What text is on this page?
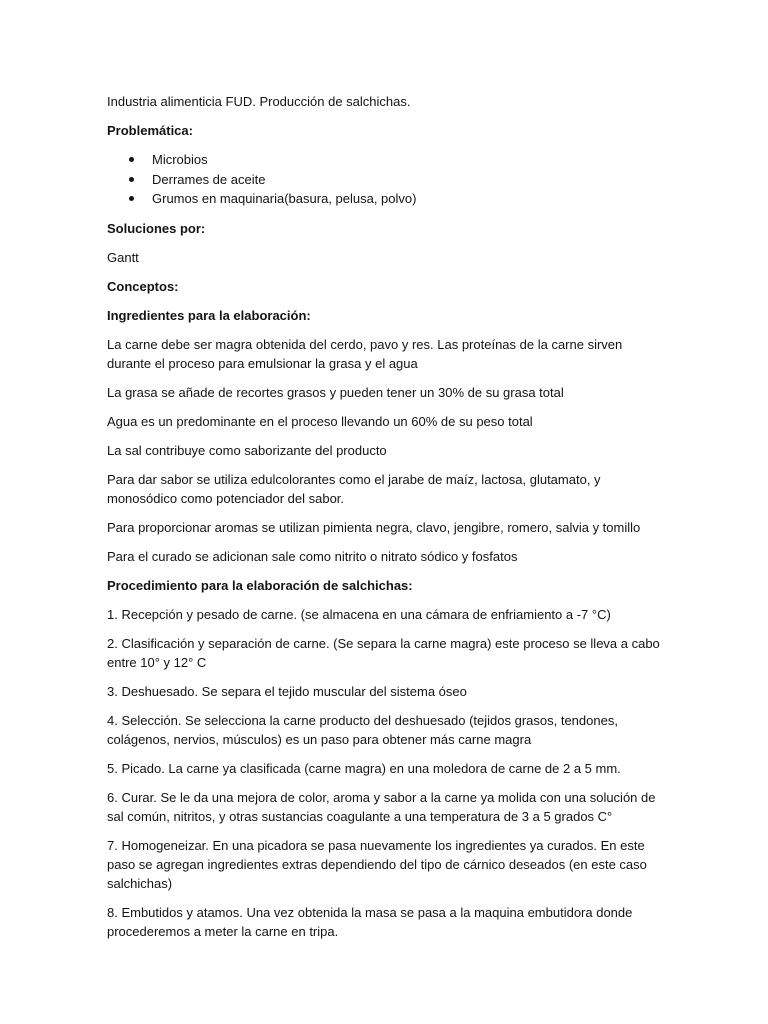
Industria alimenticia FUD. Producción de salchichas.

Problemática:

Microbios
Derrames de aceite
Grumos en maquinaria(basura, pelusa, polvo)

Soluciones por:

Gantt

Conceptos:

Ingredientes para la elaboración:

La carne debe ser magra obtenida del cerdo, pavo y res. Las proteínas de la carne sirven durante el proceso para emulsionar la grasa y el agua

La grasa se añade de recortes grasos y pueden tener un 30% de su grasa total

Agua es un predominante en el proceso llevando un 60% de su peso total

La sal contribuye como saborizante del producto

Para dar sabor se utiliza edulcolorantes como el jarabe de maíz, lactosa, glutamato, y monosódico como potenciador del sabor.

Para proporcionar aromas se utilizan pimienta negra, clavo, jengibre, romero, salvia y tomillo

Para el curado se adicionan sale como nitrito o nitrato sódico y fosfatos

Procedimiento para la elaboración de salchichas:

1. Recepción y pesado de carne. (se almacena en una cámara de enfriamiento a -7 °C)

2. Clasificación y separación de carne. (Se separa la carne magra) este proceso se lleva a cabo entre 10° y 12° C

3. Deshuesado. Se separa el tejido muscular del sistema óseo

4. Selección. Se selecciona la carne producto del deshuesado (tejidos grasos, tendones, colágenos, nervios, músculos) es un paso para obtener más carne magra

5. Picado. La carne ya clasificada (carne magra) en una moledora de carne de 2 a 5 mm.

6. Curar. Se le da una mejora de color, aroma y sabor a la carne ya molida con una solución de sal común, nitritos, y otras sustancias coagulante a una temperatura de 3 a 5 grados C°

7. Homogeneizar. En una picadora se pasa nuevamente los ingredientes ya curados. En este paso se agregan ingredientes extras dependiendo del tipo de cárnico deseados (en este caso salchichas)

8. Embutidos y atamos. Una vez obtenida la masa se pasa a la maquina embutidora donde procederemos a meter la carne en tripa.
